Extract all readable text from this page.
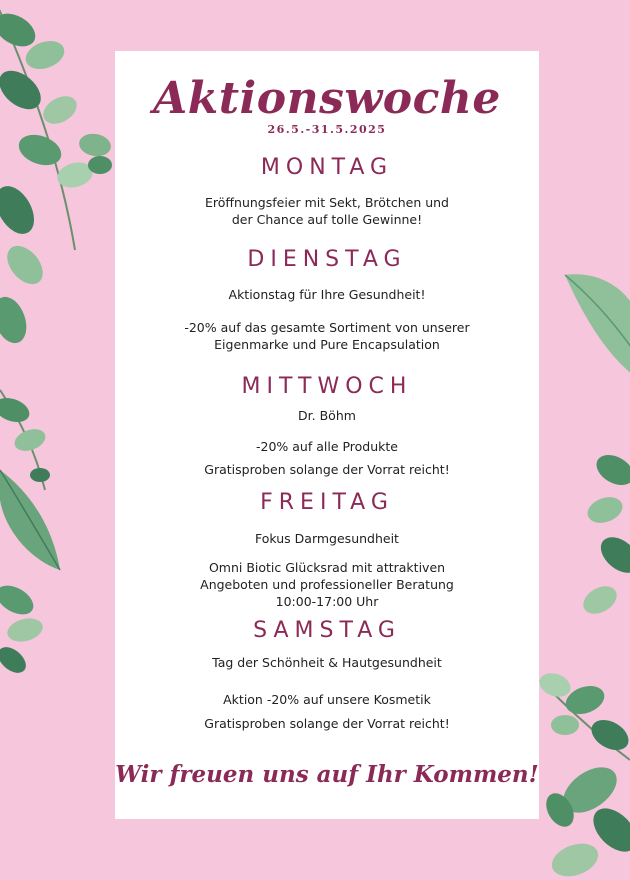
Aktionswoche
26.5.-31.5.2025
MONTAG
Eröffnungsfeier mit Sekt, Brötchen und
der Chance auf tolle Gewinne!
DIENSTAG
Aktionstag für Ihre Gesundheit!
-20% auf das gesamte Sortiment von unserer
Eigenmarke und Pure Encapsulation
MITTWOCH
Dr. Böhm
-20% auf alle Produkte
Gratisproben solange der Vorrat reicht!
FREITAG
Fokus Darmgesundheit
Omni Biotic Glücksrad mit attraktiven
Angeboten und professioneller Beratung
10:00-17:00 Uhr
SAMSTAG
Tag der Schönheit & Hautgesundheit
Aktion -20% auf unsere Kosmetik
Gratisproben solange der Vorrat reicht!
Wir freuen uns auf Ihr Kommen!
